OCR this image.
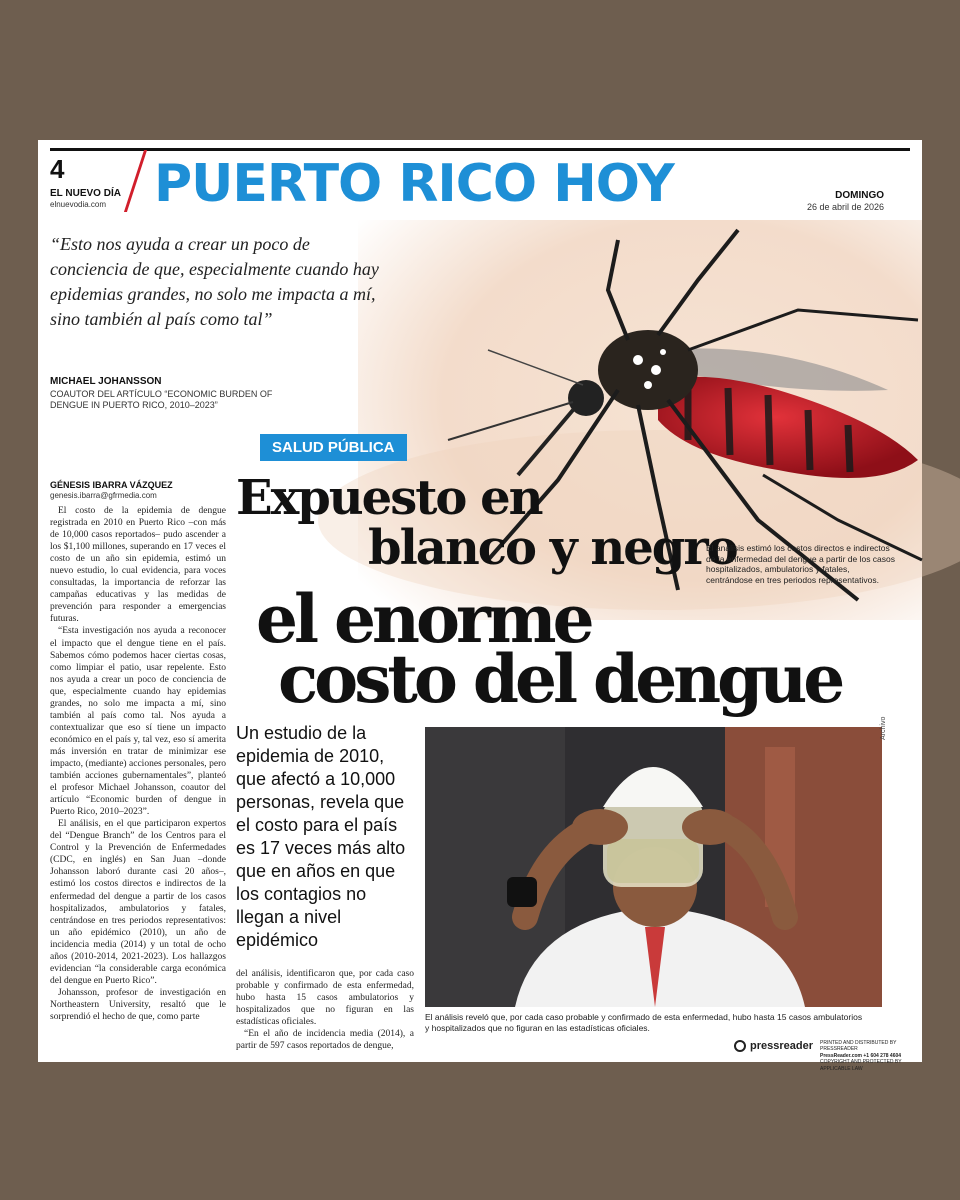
4
EL NUEVO DÍA
elnuevodia.com PUERTO RICO HOY	DOMINGO
26 de abril de 2026
“Esto nos ayuda a crear un poco de conciencia de que, especialmente cuando hay epidemias grandes, no solo me impacta a mí, sino también al país como tal”
MICHAEL JOHANSSON
COAUTOR DEL ARTÍCULO “ECONOMIC BURDEN OF DENGUE IN PUERTO RICO, 2010–2023”
SALUD PÚBLICA
Expuesto en
blanco y negro
el enorme
costo del dengue
El análisis estimó los costos directos e indirectos de la enfermedad del dengue a partir de los casos hospitalizados, ambulatorios y fatales, centrándose en tres periodos representativos.
GÉNESIS IBARRA VÁZQUEZ
genesis.ibarra@gfrmedia.com

El costo de la epidemia de dengue registrada en 2010 en Puerto Rico –con más de 10,000 casos reportados– pudo ascender a los $1,100 millones, superando en 17 veces el costo de un año sin epidemia, estimó un nuevo estudio, lo cual evidencia, para voces consultadas, la importancia de reforzar las campañas educativas y las medidas de prevención para responder a emergencias futuras.

“Esta investigación nos ayuda a reconocer el impacto que el dengue tiene en el país. Sabemos cómo podemos hacer ciertas cosas, como limpiar el patio, usar repelente. Esto nos ayuda a crear un poco de conciencia de que, especialmente cuando hay epidemias grandes, no solo me impacta a mí, sino también al país como tal. Nos ayuda a contextualizar que eso sí tiene un impacto económico en el país y, tal vez, eso sí amerita más inversión en tratar de minimizar ese impacto, (mediante) acciones personales, pero también acciones gubernamentales”, planteó el profesor Michael Johansson, coautor del artículo “Economic burden of dengue in Puerto Rico, 2010–2023”.

El análisis, en el que participaron expertos del “Dengue Branch” de los Centros para el Control y la Prevención de Enfermedades (CDC, en inglés) en San Juan –donde Johansson laboró durante casi 20 años–, estimó los costos directos e indirectos de la enfermedad del dengue a partir de los casos hospitalizados, ambulatorios y fatales, centrándose en tres periodos representativos: un año epidémico (2010), un año de incidencia media (2014) y un total de ocho años (2010-2014, 2021-2023). Los hallazgos evidencian “la considerable carga económica del dengue en Puerto Rico”.

Johansson, profesor de investigación en Northeastern University, resaltó que le sorprendió el hecho de que, como parte

Un estudio de la epidemia de 2010, que afectó a 10,000 personas, revela que el costo para el país es 17 veces más alto que en años en que los contagios no llegan a nivel epidémico

del análisis, identificaron que, por cada caso probable y confirmado de esta enfermedad, hubo hasta 15 casos ambulatorios y hospitalizados que no figuran en las estadísticas oficiales.

“En el año de incidencia media (2014), a partir de 597 casos reportados de dengue,

Archivo
El análisis reveló que, por cada caso probable y confirmado de esta enfermedad, hubo hasta 15 casos ambulatorios y hospitalizados que no figuran en las estadísticas oficiales.
pressreader PRINTED AND DISTRIBUTED BY PRESSREADER
PressReader.com +1 604 278 4604
COPYRIGHT AND PROTECTED BY APPLICABLE LAW
